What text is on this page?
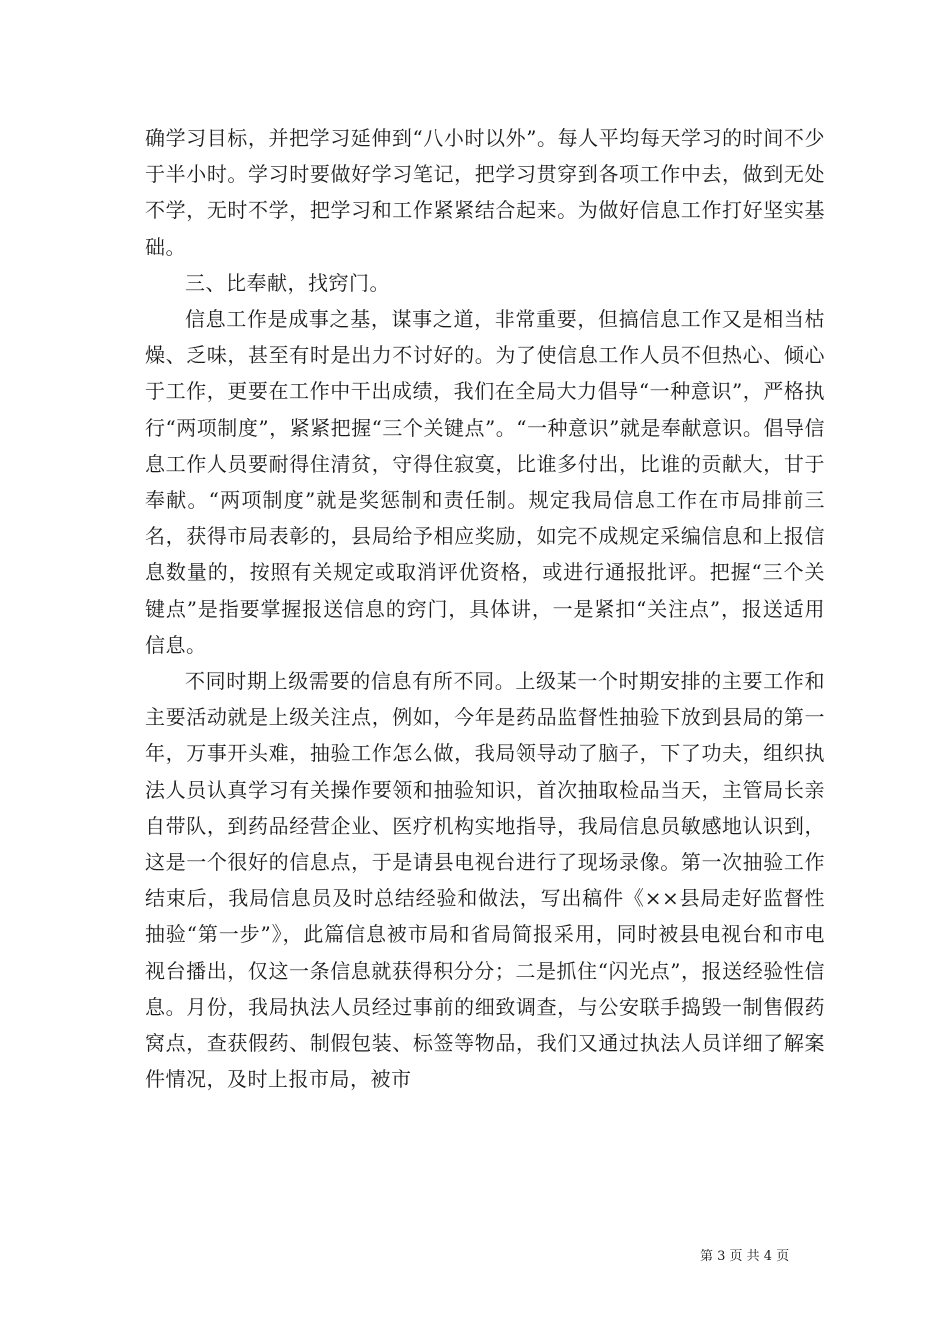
确学习目标，并把学习延伸到“八小时以外”。每人平均每天学习的时间不少于半小时。学习时要做好学习笔记，把学习贯穿到各项工作中去，做到无处不学，无时不学，把学习和工作紧紧结合起来。为做好信息工作打好坚实基础。

三、比奉献，找窍门。

信息工作是成事之基，谋事之道，非常重要，但搞信息工作又是相当枯燥、乏味，甚至有时是出力不讨好的。为了使信息工作人员不但热心、倾心于工作，更要在工作中干出成绩，我们在全局大力倡导“一种意识”，严格执行“两项制度”，紧紧把握“三个关键点”。“一种意识”就是奉献意识。倡导信息工作人员要耐得住清贫，守得住寂寞，比谁多付出，比谁的贡献大，甘于奉献。“两项制度”就是奖惩制和责任制。规定我局信息工作在市局排前三名，获得市局表彰的，县局给予相应奖励，如完不成规定采编信息和上报信息数量的，按照有关规定或取消评优资格，或进行通报批评。把握“三个关键点”是指要掌握报送信息的窍门，具体讲，一是紧扣“关注点”，报送适用信息。

不同时期上级需要的信息有所不同。上级某一个时期安排的主要工作和主要活动就是上级关注点，例如，今年是药品监督性抽验下放到县局的第一年，万事开头难，抽验工作怎么做，我局领导动了脑子，下了功夫，组织执法人员认真学习有关操作要领和抽验知识，首次抽取检品当天，主管局长亲自带队，到药品经营企业、医疗机构实地指导，我局信息员敏感地认识到，这是一个很好的信息点，于是请县电视台进行了现场录像。第一次抽验工作结束后，我局信息员及时总结经验和做法，写出稿件《××县局走好监督性抽验“第一步”》，此篇信息被市局和省局简报采用，同时被县电视台和市电视台播出，仅这一条信息就获得积分分；二是抓住“闪光点”，报送经验性信息。月份，我局执法人员经过事前的细致调查，与公安联手捣毁一制售假药窝点，查获假药、制假包装、标签等物品，我们又通过执法人员详细了解案件情况，及时上报市局，被市

第 3 页 共 4 页
